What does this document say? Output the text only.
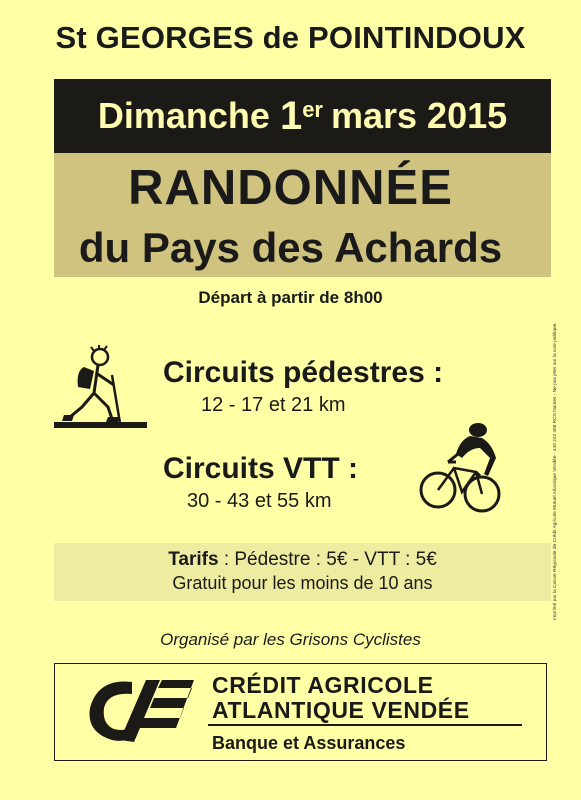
St GEORGES de POINTINDOUX
Dimanche
1er mars 2015
RANDONNÉE
du Pays des Achards
Départ à partir de 8h00
Circuits pédestres :
12 - 17 et 21 km
Circuits VTT :
30 - 43 et 55 km
Tarifs : Pédestre : 5€ - VTT : 5€
Gratuit pour les moins de 10 ans
Organisé par les Grisons Cyclistes
CRÉDIT AGRICOLE
ATLANTIQUE VENDÉE
Banque et Assurances
Imprimé par la Caisse Régionale de Crédit Agricole Mutuel Atlantique Vendée - 440 242 469 RCS Nantes - Ne pas jeter sur la voie publique.
